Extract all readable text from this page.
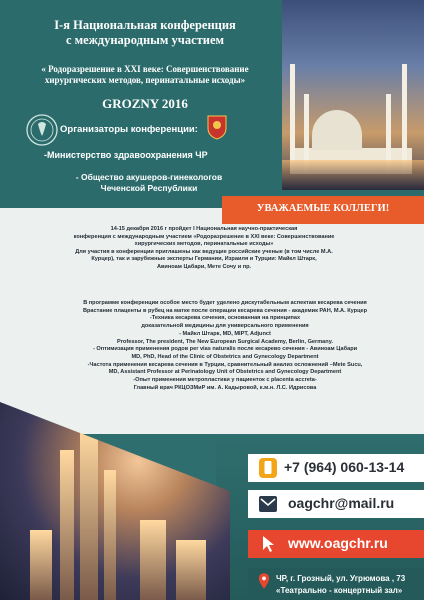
I-я Национальная конференция
с международным участием
« Родоразрешение в XXI веке: Совершенствование
хирургических методов, перинатальные исходы»
GROZNY 2016
Организаторы конференции:
-Министерство здравоохранения ЧР
- Общество акушеров-гинекологов
Чеченской Республики
УВАЖАЕМЫЕ КОЛЛЕГИ!
14-15 декабря 2016 г пройдет I Национальная научно-практическая
конференция с международным участием «Родоразрешение в XXI веке: Совершенствование
хирургических методов, перинатальные исходы»
Для участия в конференции приглашены как ведущие российские ученые (в том числе М.А.
Курцер), так и зарубежные эксперты Германии, Израиля и Турции: Майкл Штарк,
Авиноам Цабари, Мете Сочу и пр.
В программе конференции особое место будет уделено дискутабельным аспектам кесарева сечения
Врастание плаценты в рубец на матке после операции кесарева сечения - академик РАН, М.А. Курцер
-Техника кесарева сечения, основанная на принципах
доказательной медицины для универсального применения
- Майкл Штарк, MD, MIPT, Adjunct
Professor, The president, The New European Surgical Academy, Berlin, Germany.
- Оптимизация применения родов per vias naturalis после кесарево сечения - Авиноам Цабари
MD, PhD, Head of the Clinic of Obstetrics and Gynecology Department
-Частота применения кесарева сечения в Турции, сравнительный анализ осложнений –Mete Sucu,
MD, Assistant Professor at Perinatology Unit of Obstetrics and Gynecology Department
-Опыт применения метропластики у пациенток с placenta accreta-
Главный врач РКЦОЗМиР им. А. Кадыровой, к.м.н. Л.С. Идрисова
+7 (964) 060-13-14
oagchr@mail.ru
www.oagchr.ru
ЧР, г. Грозный, ул. Угрюмова , 73
«Театрально - концертный зал»
